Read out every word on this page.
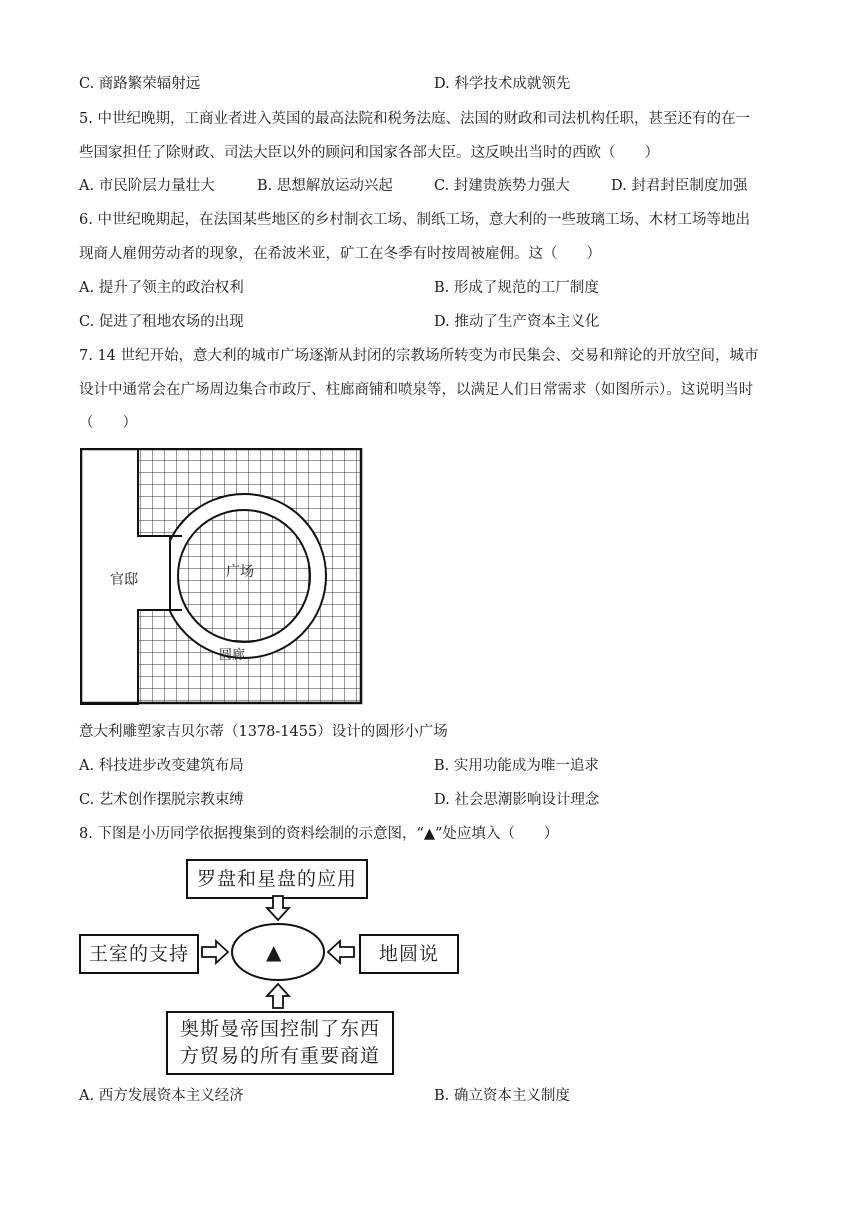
C. 商路繁荣辐射远	D. 科学技术成就领先
5. 中世纪晚期，工商业者进入英国的最高法院和税务法庭、法国的财政和司法机构任职，甚至还有的在一
些国家担任了除财政、司法大臣以外的顾问和国家各部大臣。这反映出当时的西欧（　　）
A. 市民阶层力量壮大	B. 思想解放运动兴起	C. 封建贵族势力强大	D. 封君封臣制度加强
6. 中世纪晚期起，在法国某些地区的乡村制衣工场、制纸工场，意大利的一些玻璃工场、木材工场等地出
现商人雇佣劳动者的现象，在希波米亚，矿工在冬季有时按周被雇佣。这（　　）
A. 提升了领主的政治权利	B. 形成了规范的工厂制度
C. 促进了租地农场的出现	D. 推动了生产资本主义化
7. 14 世纪开始，意大利的城市广场逐渐从封闭的宗教场所转变为市民集会、交易和辩论的开放空间，城市
设计中通常会在广场周边集合市政厅、柱廊商铺和喷泉等，以满足人们日常需求（如图所示）。这说明当时
（　　）
官邸	广场
圆廊
意大利雕塑家吉贝尔蒂（1378-1455）设计的圆形小广场
A. 科技进步改变建筑布局	B. 实用功能成为唯一追求
C. 艺术创作摆脱宗教束缚	D. 社会思潮影响设计理念
8. 下图是小历同学依据搜集到的资料绘制的示意图，“▲”处应填入（　　）
罗盘和星盘的应用
王室的支持	地圆说
奥斯曼帝国控制了东西
方贸易的所有重要商道
▲
A. 西方发展资本主义经济	B. 确立资本主义制度
